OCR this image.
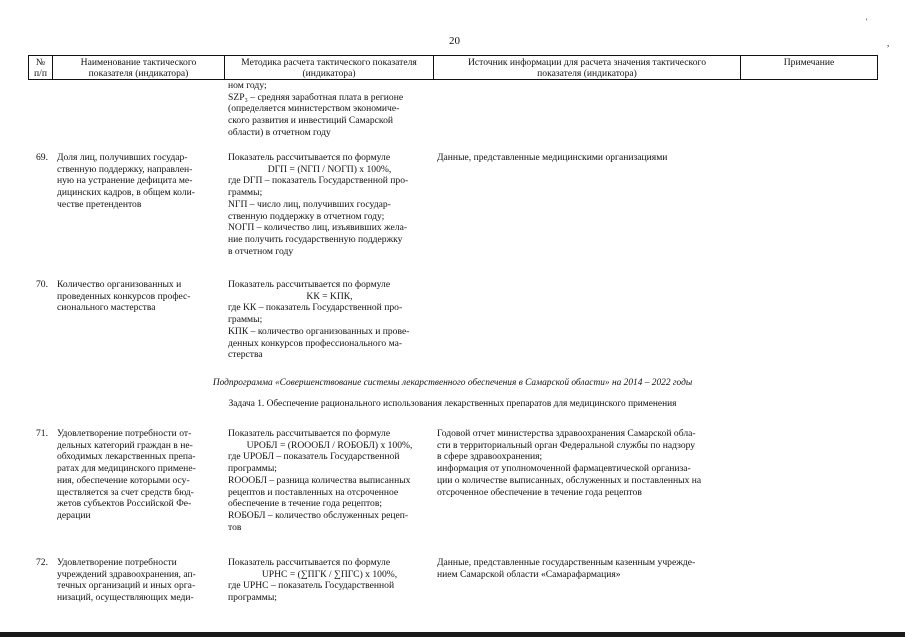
'
20	,
№
п/п
Наименование тактического
показателя (индикатора)
Методика расчета тактического показателя
(индикатора)
Источник информации для расчета значения тактического
показателя (индикатора)
Примечание
ном году;
SZP₃ – средняя заработная плата в регионе
(определяется министерством экономиче-
ского развития и инвестиций Самарской
области) в отчетном году
69. Доля лиц, получивших государ-
ственную поддержку, направлен-
ную на устранение дефицита ме-
дицинских кадров, в общем коли-
честве претендентов
Показатель рассчитывается по формуле
DГП = (NГП / NОГП) x 100%,
где DГП – показатель Государственной про-
граммы;
NГП – число лиц, получивших государ-
ственную поддержку в отчетном году;
NОГП – количество лиц, изъявивших жела-
ние получить государственную поддержку
в отчетном году
Данные, представленные медицинскими организациями
70. Количество организованных и
проведенных конкурсов профес-
сионального мастерства
Показатель рассчитывается по формуле
KК = KПК,
где KК – показатель Государственной про-
граммы;
KПК – количество организованных и прове-
денных конкурсов профессионального ма-
стерства
Подпрограмма «Совершенствование системы лекарственного обеспечения в Самарской области» на 2014 – 2022 годы
Задача 1. Обеспечение рационального использования лекарственных препаратов для медицинского применения
71. Удовлетворение потребности от-
дельных категорий граждан в не-
обходимых лекарственных препа-
ратах для медицинского примене-
ния, обеспечение которыми осу-
ществляется за счет средств бюд-
жетов субъектов Российской Фе-
дерации
Показатель рассчитывается по формуле
UPОБЛ = (RОООБЛ / RОБОБЛ) x 100%,
где UPОБЛ – показатель Государственной
программы;
RОООБЛ – разница количества выписанных
рецептов и поставленных на отсроченное
обеспечение в течение года рецептов;
RОБОБЛ – количество обслуженных рецеп-
тов
Годовой отчет министерства здравоохранения Самарской обла-
сти в территориальный орган Федеральной службы по надзору
в сфере здравоохранения;
информация от уполномоченной фармацевтической организа-
ции о количестве выписанных, обслуженных и поставленных на
отсроченное обеспечение в течение года рецептов
72. Удовлетворение потребности
учреждений здравоохранения, ап-
течных организаций и иных орга-
низаций, осуществляющих меди-
Показатель рассчитывается по формуле
UPНС = (∑ПГК / ∑ПГС) x 100%,
где UPНС – показатель Государственной
программы;
Данные, представленные государственным казенным учрежде-
нием Самарской области «Самарафармация»
